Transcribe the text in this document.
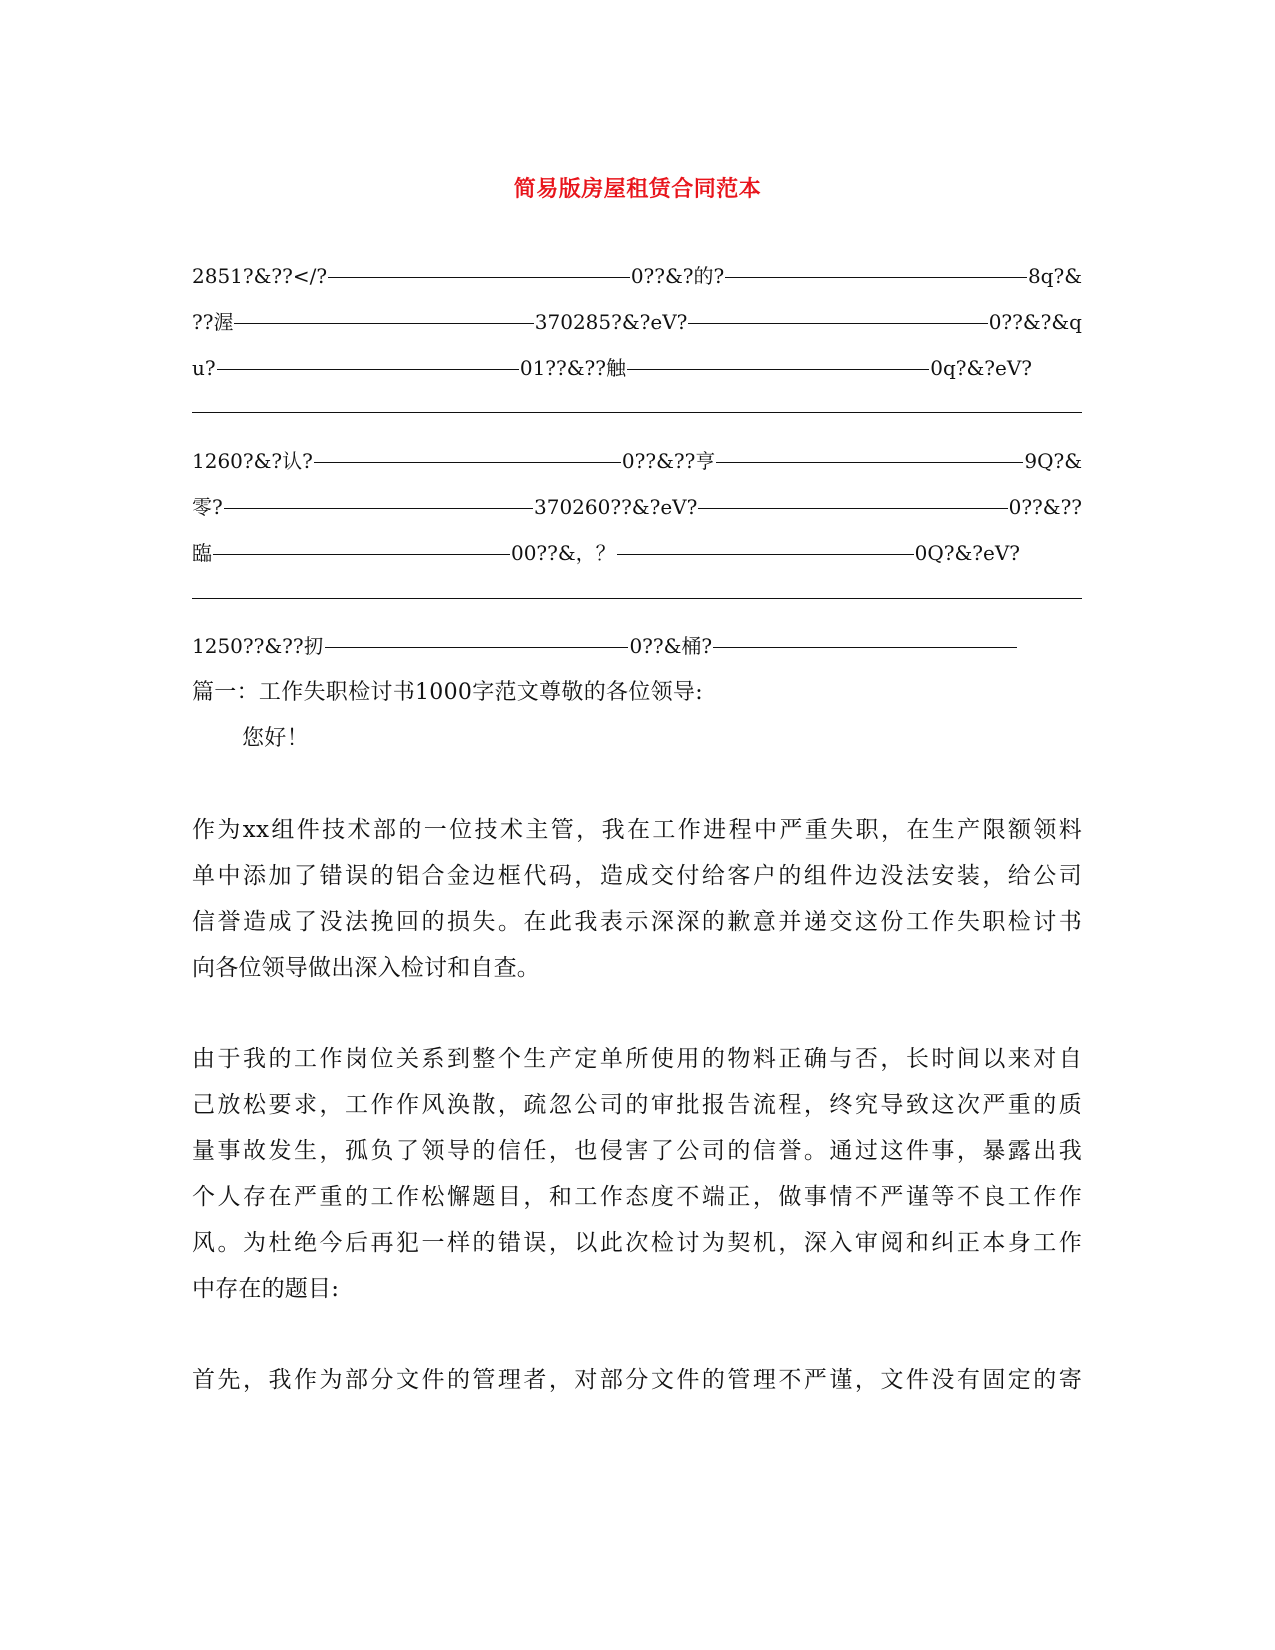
简易版房屋租赁合同范本
2851?&??</?	0??&?的?	8q?&
??渥	370285?&?eV?	0??&?&q
u?	01??&??触	0q?&?eV?
1260?&?认?	0??&??亨	9Q?&
零?	370260??&?eV?	0??&??
臨	00??&，？	0Q?&?eV?
1250??&??扨	0??&桶?
篇一：工作失职检讨书1000字范文尊敬的各位领导:
您好！
作为xx组件技术部的一位技术主管，我在工作进程中严重失职，在生产限额领料
单中添加了错误的铝合金边框代码，造成交付给客户的组件边没法安装，给公司
信誉造成了没法挽回的损失。在此我表示深深的歉意并递交这份工作失职检讨书
向各位领导做出深入检讨和自查。
由于我的工作岗位关系到整个生产定单所使用的物料正确与否，长时间以来对自
己放松要求，工作作风涣散，疏忽公司的审批报告流程，终究导致这次严重的质
量事故发生，孤负了领导的信任，也侵害了公司的信誉。通过这件事，暴露出我
个人存在严重的工作松懈题目，和工作态度不端正，做事情不严谨等不良工作作
风。为杜绝今后再犯一样的错误，以此次检讨为契机，深入审阅和纠正本身工作
中存在的题目:
首先，我作为部分文件的管理者，对部分文件的管理不严谨，文件没有固定的寄
